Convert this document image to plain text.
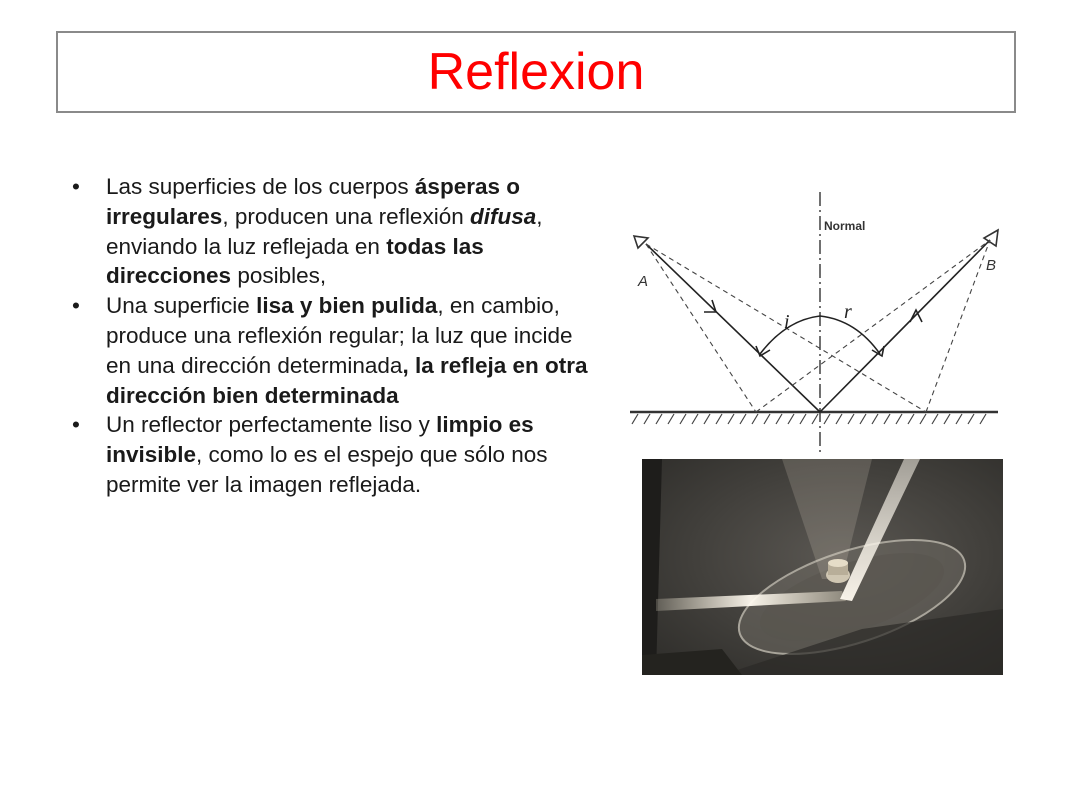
Reflexion
• Las superficies de los cuerpos ásperas o irregulares, producen una reflexión difusa, enviando la luz reflejada en todas las direcciones posibles,
• Una superficie lisa y bien pulida, en cambio, produce una reflexión regular; la luz que incide en una dirección determinada, la refleja en otra dirección bien determinada
• Un reflector perfectamente liso y limpio es invisible, como lo es el espejo que sólo nos permite ver la imagen reflejada.
Normal
A
B
i	r
